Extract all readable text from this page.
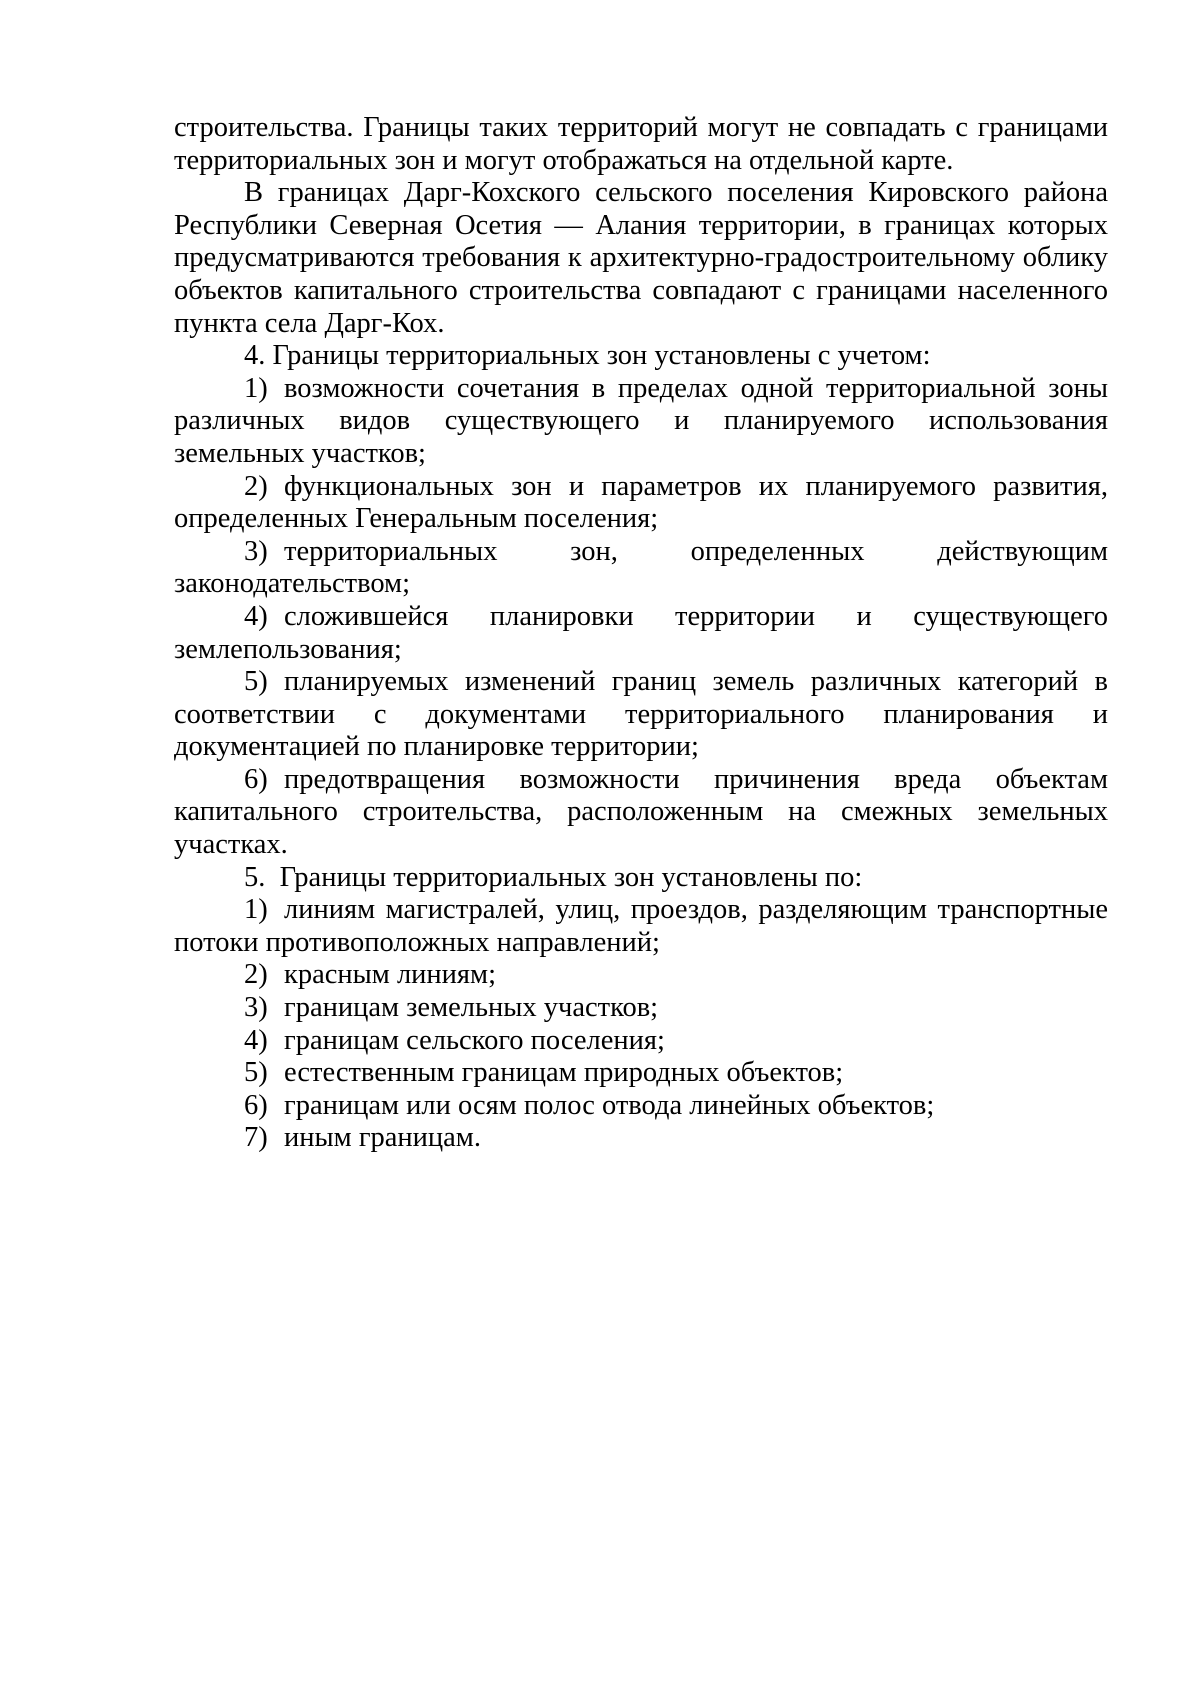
строительства. Границы таких территорий могут не совпадать с границами территориальных зон и могут отображаться на отдельной карте.

В границах Дарг-Кохского сельского поселения Кировского района Республики Северная Осетия — Алания территории, в границах которых предусматриваются требования к архитектурно-градостроительному облику объектов капитального строительства совпадают с границами населенного пункта села Дарг-Кох.

4. Границы территориальных зон установлены с учетом:

1) возможности сочетания в пределах одной территориальной зоны различных видов существующего и планируемого использования земельных участков;

2) функциональных зон и параметров их планируемого развития, определенных Генеральным поселения;

3) территориальных зон, определенных действующим законодательством;

4) сложившейся планировки территории и существующего землепользования;

5) планируемых изменений границ земель различных категорий в соответствии с документами территориального планирования и документацией по планировке территории;

6) предотвращения возможности причинения вреда объектам капитального строительства, расположенным на смежных земельных участках.

5.  Границы территориальных зон установлены по:

1) линиям магистралей, улиц, проездов, разделяющим транспортные потоки противоположных направлений;

2) красным линиям;

3) границам земельных участков;

4) границам сельского поселения;

5) естественным границам природных объектов;

6) границам или осям полос отвода линейных объектов;

7) иным границам.
